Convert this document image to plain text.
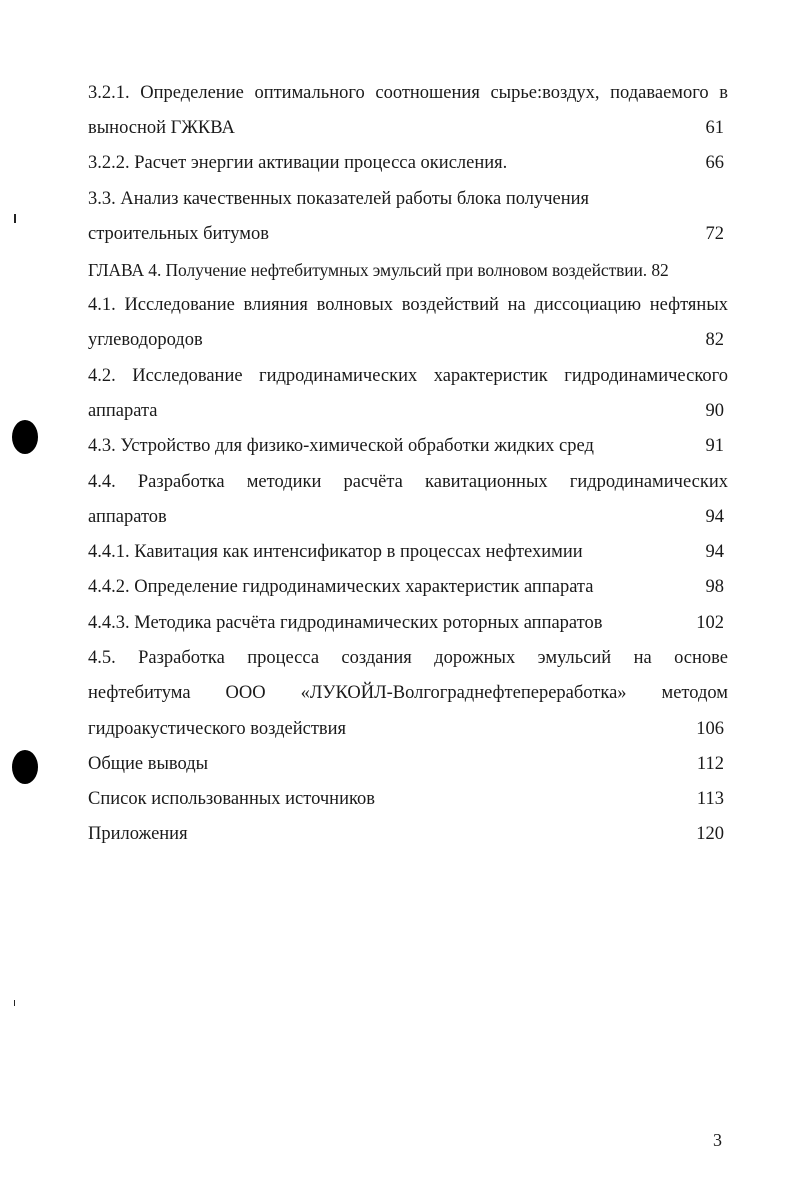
3.2.1. Определение оптимального соотношения сырье:воздух, подаваемого в
выносной ГЖКВА	61
3.2.2. Расчет энергии активации процесса окисления.	66
3.3. Анализ качественных показателей работы блока получения
строительных битумов	72
ГЛАВА 4. Получение нефтебитумных эмульсий при волновом воздействии. 82
4.1. Исследование влияния волновых воздействий на диссоциацию нефтяных
углеводородов	82
4.2. Исследование гидродинамических характеристик гидродинамического
аппарата	90
4.3. Устройство для физико-химической обработки жидких сред	91
4.4. Разработка методики расчёта кавитационных гидродинамических
аппаратов	94
4.4.1. Кавитация как интенсификатор в процессах нефтехимии	94
4.4.2. Определение гидродинамических характеристик аппарата	98
4.4.3. Методика расчёта гидродинамических роторных аппаратов	102
4.5. Разработка процесса создания дорожных эмульсий на основе
нефтебитума ООО «ЛУКОЙЛ-Волгограднефтепереработка» методом
гидроакустического воздействия	106
Общие выводы	112
Список использованных источников	113
Приложения	120
3
